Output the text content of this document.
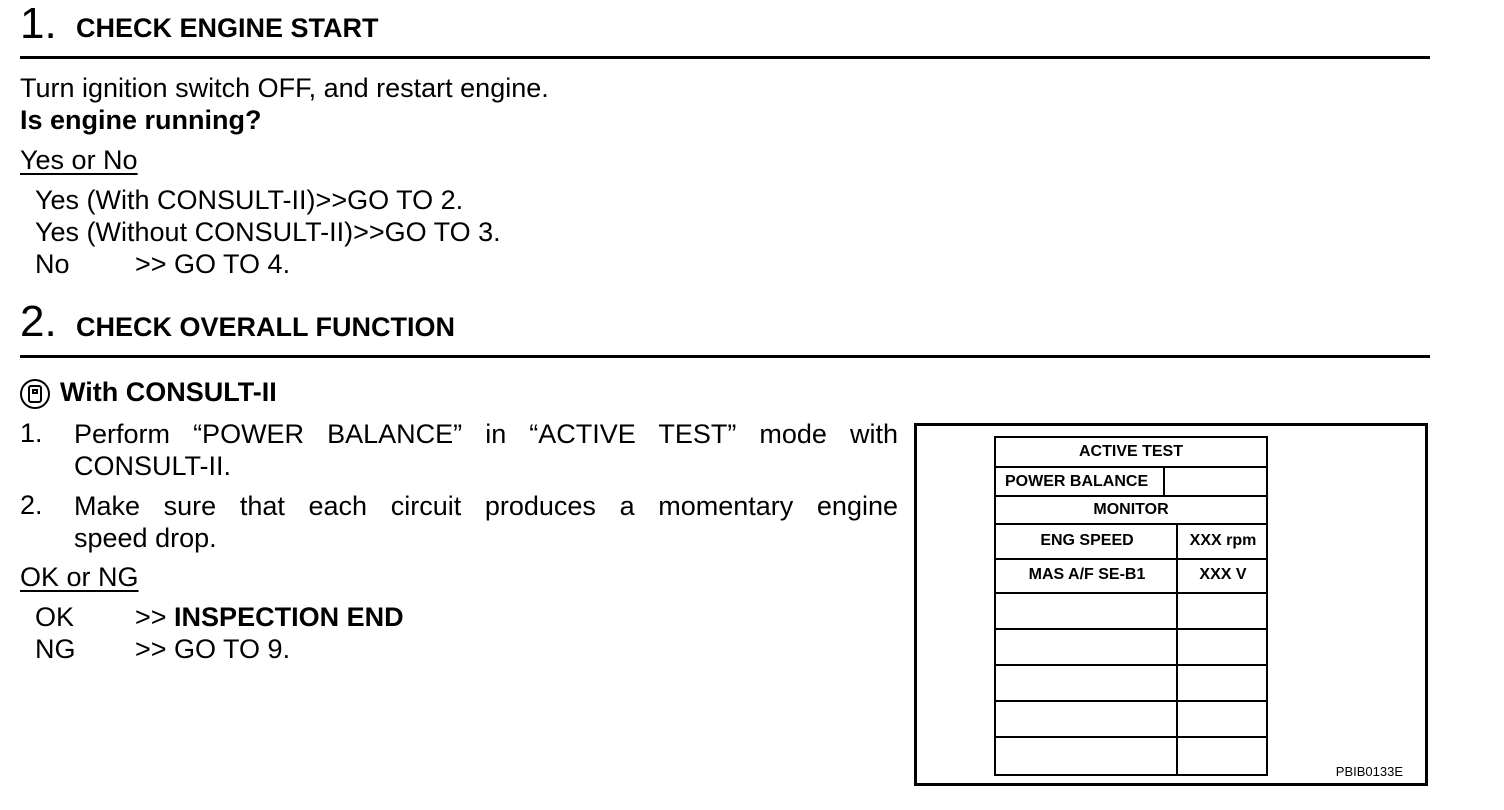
1. CHECK ENGINE START
Turn ignition switch OFF, and restart engine.
Is engine running?
Yes or No
Yes (With CONSULT-II)>>GO TO 2.
Yes (Without CONSULT-II)>>GO TO 3.
No >> GO TO 4.
2. CHECK OVERALL FUNCTION
With CONSULT-II
1. Perform “POWER BALANCE” in “ACTIVE TEST” mode with
CONSULT-II.
2. Make sure that each circuit produces a momentary engine
speed drop.
OK or NG
OK >> INSPECTION END
NG >> GO TO 9.
ACTIVE TEST
POWER BALANCE
MONITOR
ENG SPEED	XXX rpm
MAS A/F SE-B1	XXX V
PBIB0133E
